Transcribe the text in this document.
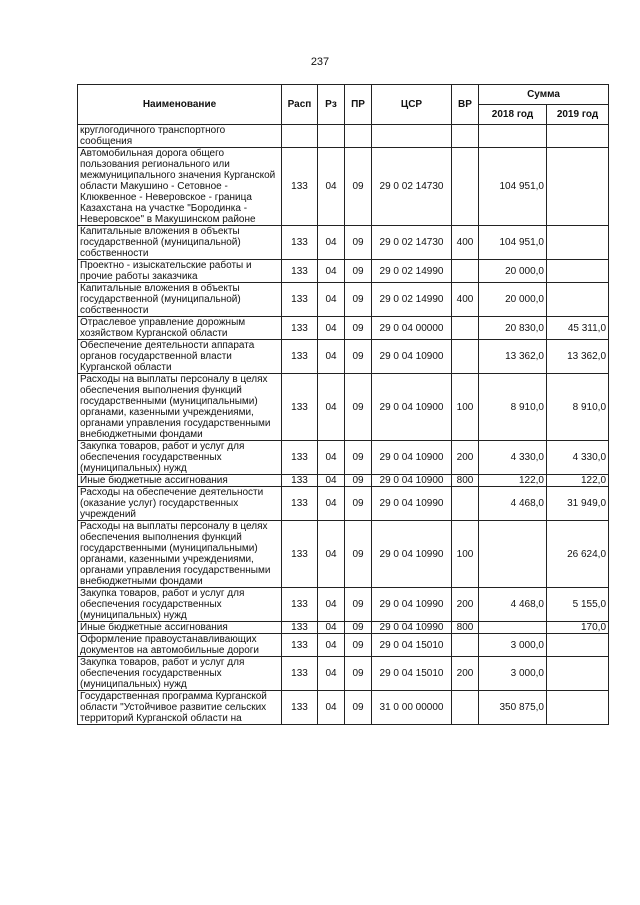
237
Наименование	Расп	Рз	ПР	ЦСР	ВР	Сумма	
						2018 год	2019 год
круглогодичного транспортного сообщения							
Автомобильная дорога общего пользования регионального или межмуниципального значения Курганской области Макушино - Сетовное - Клюквенное - Неверовское - граница Казахстана на участке "Бородинка - Неверовское" в Макушинском районе	133	04	09	29 0 02 14730		104 951,0	
Капитальные вложения в объекты государственной (муниципальной) собственности	133	04	09	29 0 02 14730	400	104 951,0	
Проектно - изыскательские работы и прочие работы заказчика	133	04	09	29 0 02 14990		20 000,0	
Капитальные вложения в объекты государственной (муниципальной) собственности	133	04	09	29 0 02 14990	400	20 000,0	
Отраслевое управление дорожным хозяйством Курганской области	133	04	09	29 0 04 00000		20 830,0	45 311,0
Обеспечение деятельности аппарата органов государственной власти Курганской области	133	04	09	29 0 04 10900		13 362,0	13 362,0
Расходы на выплаты персоналу в целях обеспечения выполнения функций государственными (муниципальными) органами, казенными учреждениями, органами управления государственными внебюджетными фондами	133	04	09	29 0 04 10900	100	8 910,0	8 910,0
Закупка товаров, работ и услуг для обеспечения государственных (муниципальных) нужд	133	04	09	29 0 04 10900	200	4 330,0	4 330,0
Иные бюджетные ассигнования	133	04	09	29 0 04 10900	800	122,0	122,0
Расходы на обеспечение деятельности (оказание услуг) государственных учреждений	133	04	09	29 0 04 10990		4 468,0	31 949,0
Расходы на выплаты персоналу в целях обеспечения выполнения функций государственными (муниципальными) органами, казенными учреждениями, органами управления государственными внебюджетными фондами	133	04	09	29 0 04 10990	100		26 624,0
Закупка товаров, работ и услуг для обеспечения государственных (муниципальных) нужд	133	04	09	29 0 04 10990	200	4 468,0	5 155,0
Иные бюджетные ассигнования	133	04	09	29 0 04 10990	800		170,0
Оформление правоустанавливающих документов на автомобильные дороги	133	04	09	29 0 04 15010		3 000,0	
Закупка товаров, работ и услуг для обеспечения государственных (муниципальных) нужд	133	04	09	29 0 04 15010	200	3 000,0	
Государственная программа Курганской области "Устойчивое развитие сельских территорий Курганской области на	133	04	09	31 0 00 00000		350 875,0	
